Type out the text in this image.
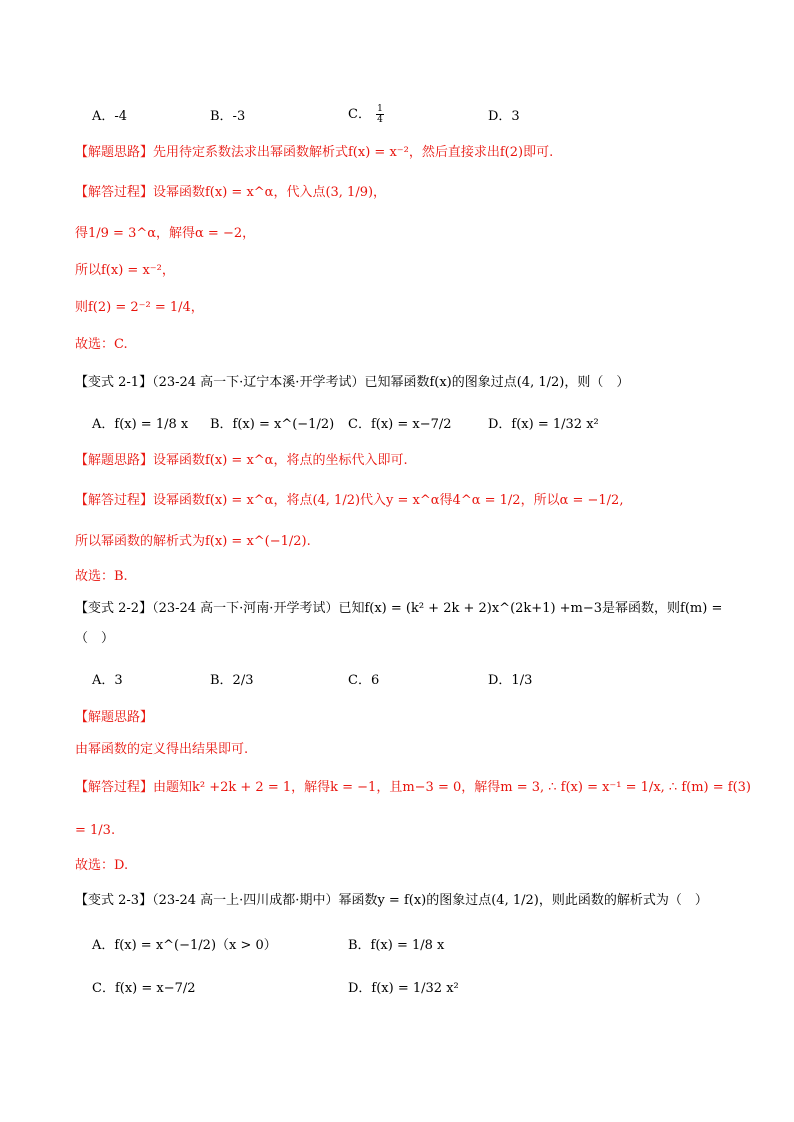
A．-4	B．-3	C． $\frac{1}{4}$	D．3
【解题思路】先用待定系数法求出幂函数解析式f(x) = x⁻²，然后直接求出f(2)即可.
【解答过程】设幂函数f(x) = x^α，代入点(3, 1/9)，
得1/9 = 3^α，解得α = −2，
所以f(x) = x⁻²，
则f(2) = 2⁻² = 1/4，
故选：C.
【变式 2-1】（23-24 高一下·辽宁本溪·开学考试）已知幂函数f(x)的图象过点(4, 1/2)，则（　）
A．f(x) = 1/8 x B．f(x) = x^(−1/2) C．f(x) = x−7/2	D．f(x) = 1/32 x²
【解题思路】设幂函数f(x) = x^α，将点的坐标代入即可.
【解答过程】设幂函数f(x) = x^α，将点(4, 1/2)代入y = x^α得4^α = 1/2，所以α = −1/2,
所以幂函数的解析式为f(x) = x^(−1/2).
故选：B.
【变式 2-2】（23-24 高一下·河南·开学考试）已知f(x) = (k² + 2k + 2)x^(2k+1) +m−3是幂函数，则f(m) =
（　）
A．3	B．2/3	C．6	D．1/3
【解题思路】
由幂函数的定义得出结果即可.
【解答过程】由题知k² +2k + 2 = 1，解得k = −1，且m−3 = 0，解得m = 3, ∴ f(x) = x⁻¹ = 1/x, ∴ f(m) = f(3)
= 1/3.
故选：D.
【变式 2-3】（23-24 高一上·四川成都·期中）幂函数y = f(x)的图象过点(4, 1/2)，则此函数的解析式为（　）
A．f(x) = x^(−1/2)（x > 0）	B．f(x) = 1/8 x
C．f(x) = x−7/2	D．f(x) = 1/32 x²
